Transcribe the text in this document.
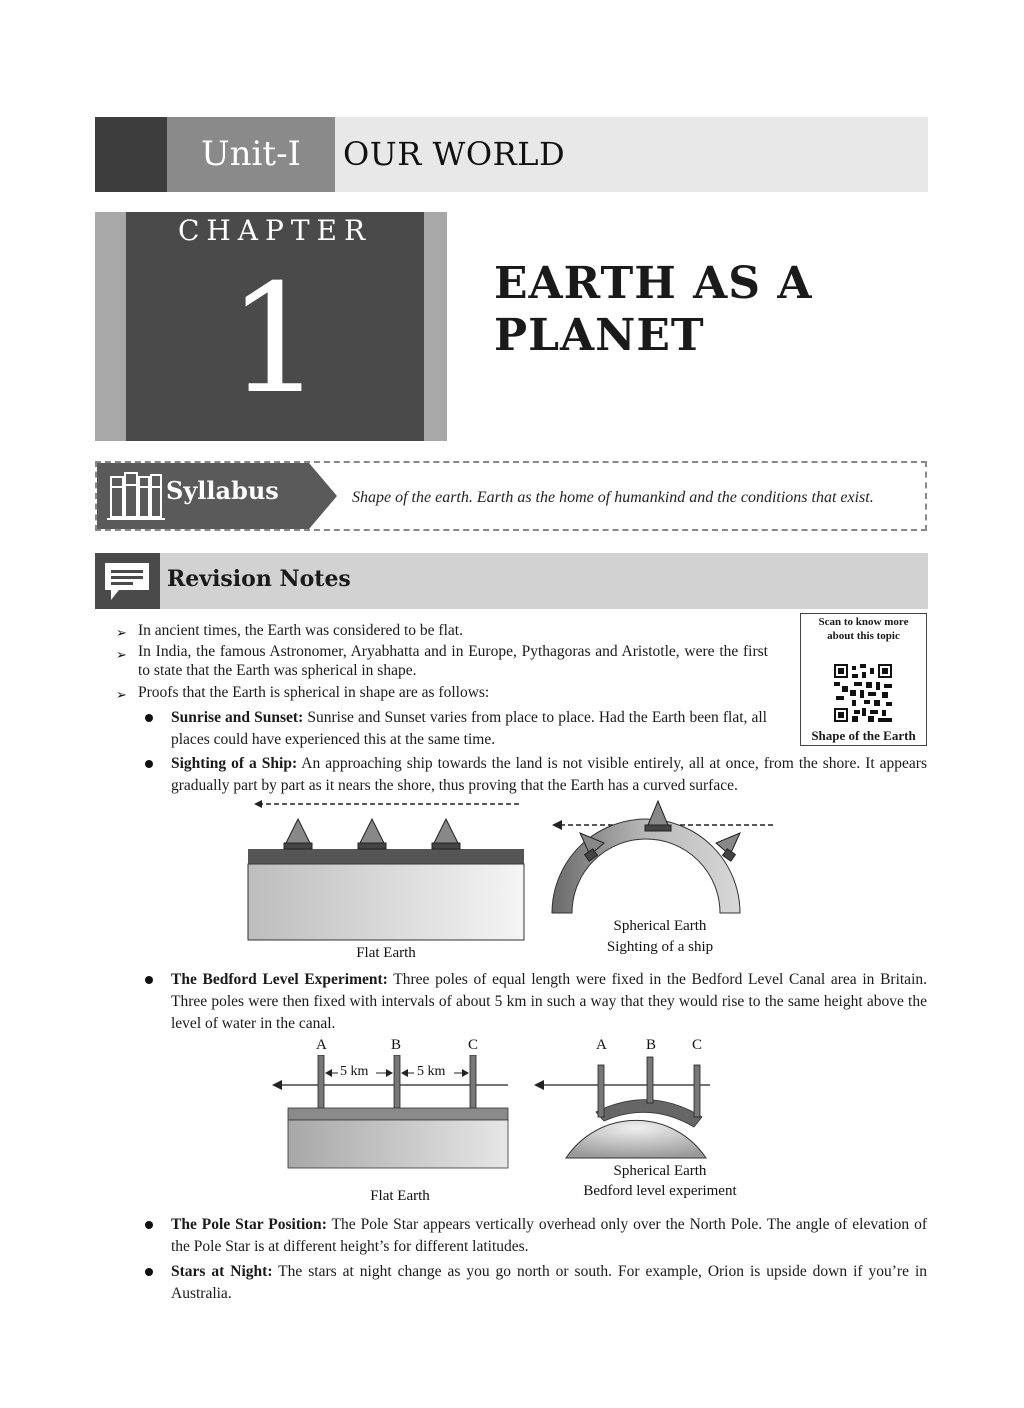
Unit-I	OUR WORLD
CHAPTER
1	EARTH AS A PLANET
Syllabus	Shape of the earth. Earth as the home of humankind and the conditions that exist.
Revision Notes
Scan to know more about this topic
Shape of the Earth
➢ In ancient times, the Earth was considered to be flat.
➢ In India, the famous Astronomer, Aryabhatta and in Europe, Pythagoras and Aristotle, were the first to state that the Earth was spherical in shape.
➢ Proofs that the Earth is spherical in shape are as follows:
Sunrise and Sunset: Sunrise and Sunset varies from place to place. Had the Earth been flat, all places could have experienced this at the same time.
Sighting of a Ship: An approaching ship towards the land is not visible entirely, all at once, from the shore. It appears gradually part by part as it nears the shore, thus proving that the Earth has a curved surface.
Flat Earth
Spherical Earth
Sighting of a ship
The Bedford Level Experiment: Three poles of equal length were fixed in the Bedford Level Canal area in Britain. Three poles were then fixed with intervals of about 5 km in such a way that they would rise to the same height above the level of water in the canal.
A	B	C
5 km	5 km
A	B C
Flat Earth
Spherical Earth
Bedford level experiment
The Pole Star Position: The Pole Star appears vertically overhead only over the North Pole. The angle of elevation of the Pole Star is at different height’s for different latitudes.
Stars at Night: The stars at night change as you go north or south. For example, Orion is upside down if you’re in Australia.
